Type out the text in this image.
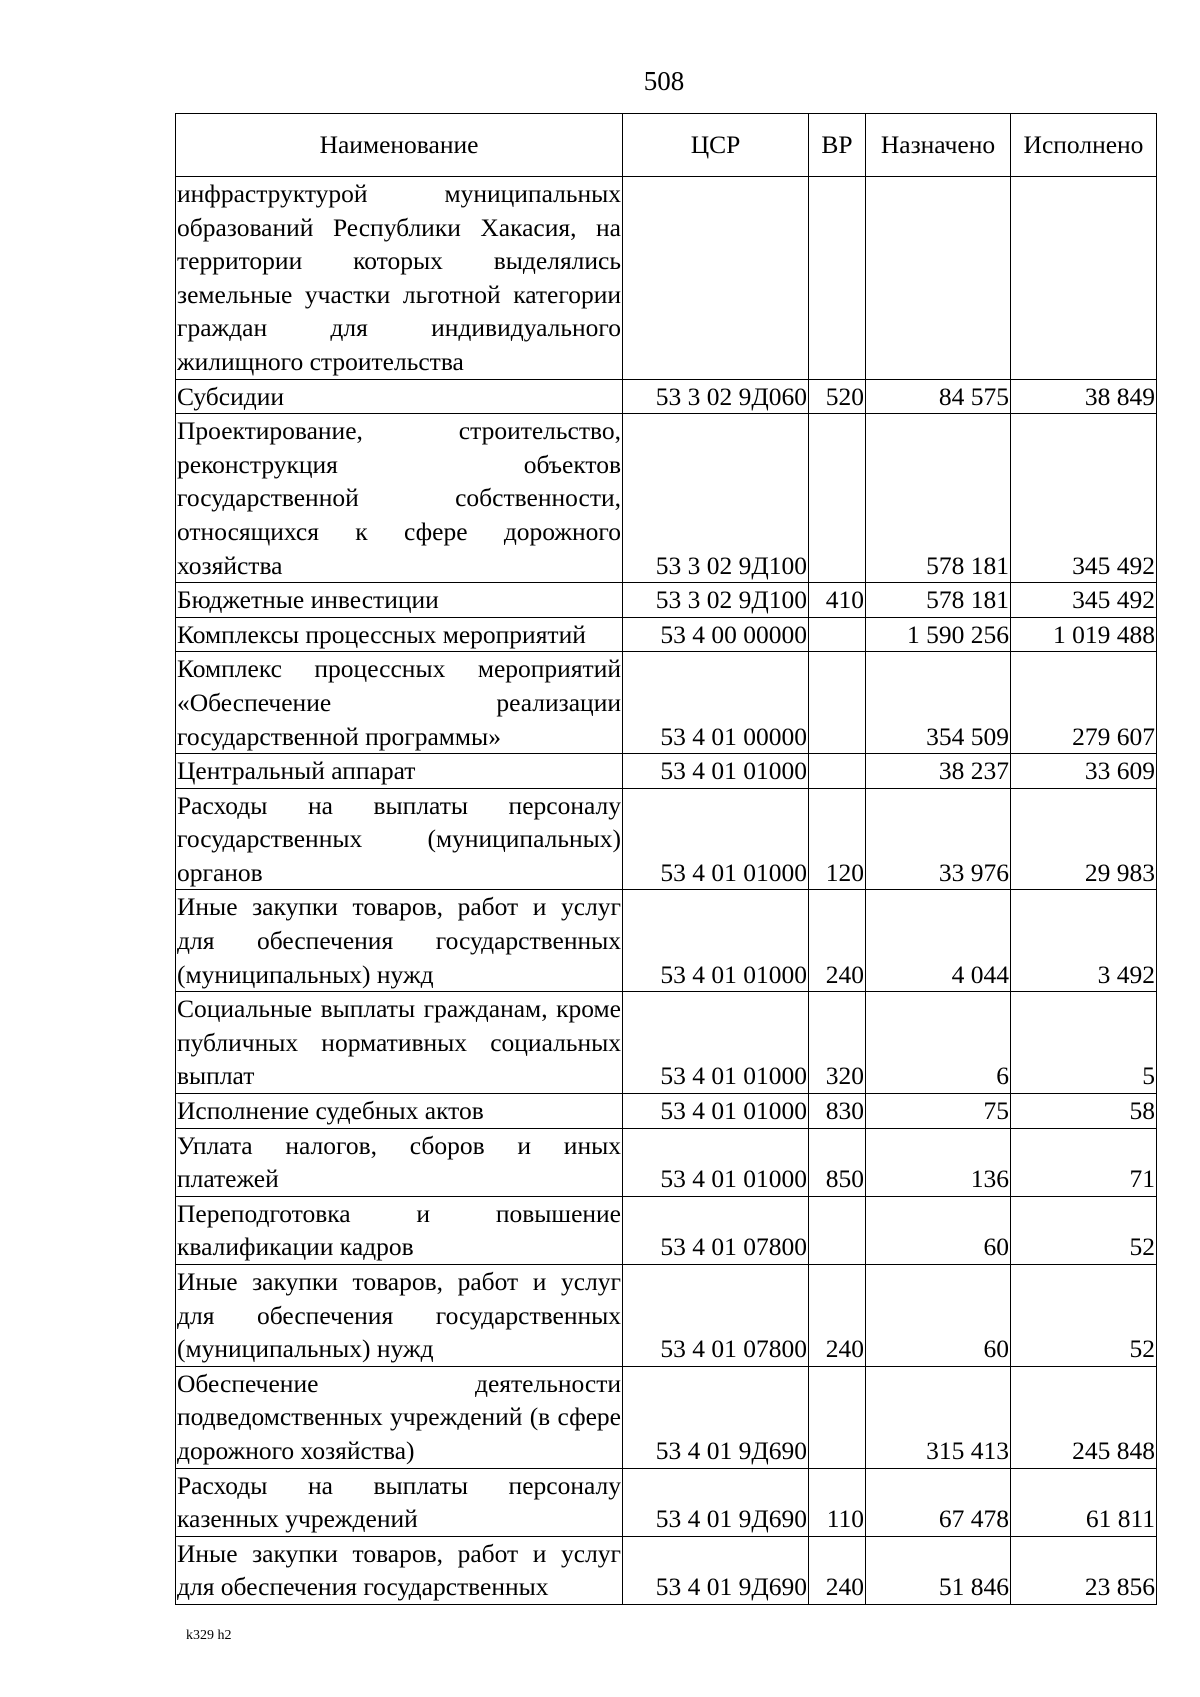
508
Наименование	ЦСР	ВР	Назначено	Исполнено
инфраструктурой муниципальных образований Республики Хакасия, на территории которых выделялись земельные участки льготной категории граждан для индивидуального жилищного строительства				
Субсидии	53 3 02 9Д060	520	84 575	38 849
Проектирование, строительство, реконструкция объектов государственной собственности, относящихся к сфере дорожного хозяйства	53 3 02 9Д100		578 181	345 492
Бюджетные инвестиции	53 3 02 9Д100	410	578 181	345 492
Комплексы процессных мероприятий	53 4 00 00000		1 590 256	1 019 488
Комплекс процессных мероприятий «Обеспечение реализации государственной программы»	53 4 01 00000		354 509	279 607
Центральный аппарат	53 4 01 01000		38 237	33 609
Расходы на выплаты персоналу государственных (муниципальных) органов	53 4 01 01000	120	33 976	29 983
Иные закупки товаров, работ и услуг для обеспечения государственных (муниципальных) нужд	53 4 01 01000	240	4 044	3 492
Социальные выплаты гражданам, кроме публичных нормативных социальных выплат	53 4 01 01000	320	6	5
Исполнение судебных актов	53 4 01 01000	830	75	58
Уплата налогов, сборов и иных платежей	53 4 01 01000	850	136	71
Переподготовка и повышение квалификации кадров	53 4 01 07800		60	52
Иные закупки товаров, работ и услуг для обеспечения государственных (муниципальных) нужд	53 4 01 07800	240	60	52
Обеспечение деятельности подведомственных учреждений (в сфере дорожного хозяйства)	53 4 01 9Д690		315 413	245 848
Расходы на выплаты персоналу казенных учреждений	53 4 01 9Д690	110	67 478	61 811
Иные закупки товаров, работ и услуг для обеспечения государственных	53 4 01 9Д690	240	51 846	23 856
k329 h2
